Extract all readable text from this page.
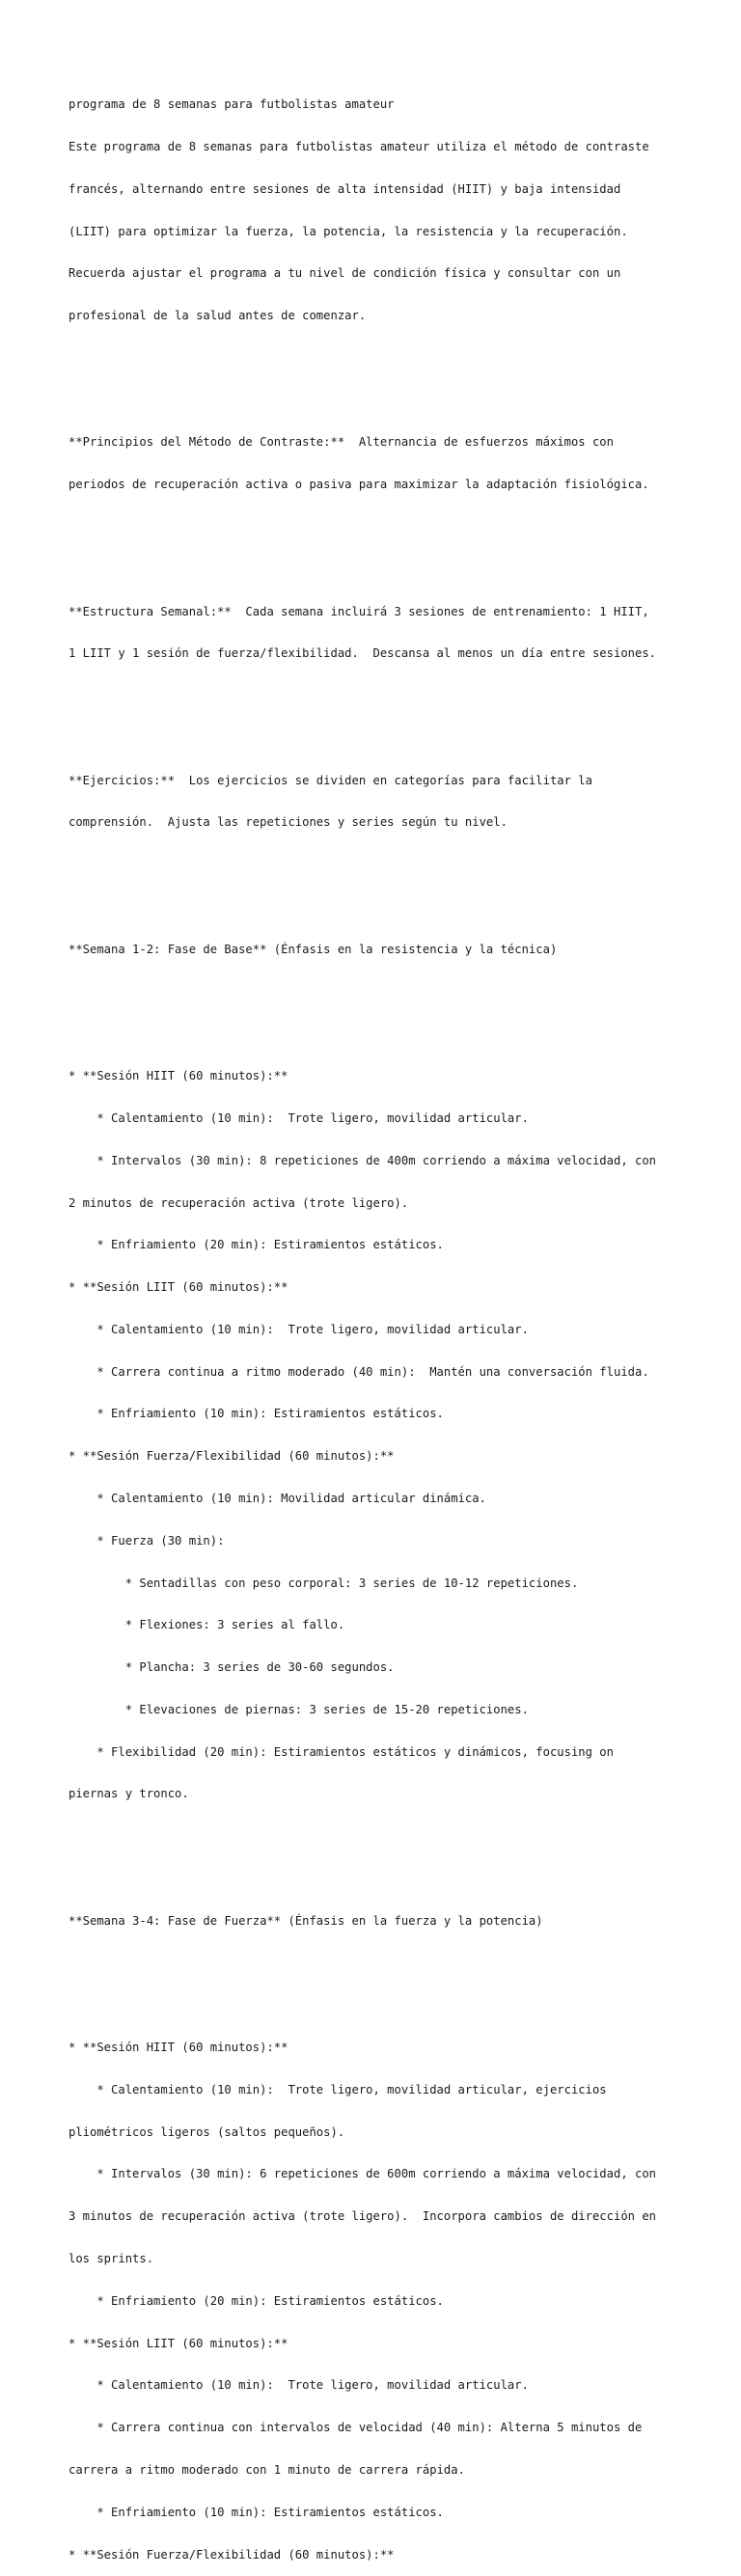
programa de 8 semanas para futbolistas amateur

Este programa de 8 semanas para futbolistas amateur utiliza el método de contraste

francés, alternando entre sesiones de alta intensidad (HIIT) y baja intensidad

(LIIT) para optimizar la fuerza, la potencia, la resistencia y la recuperación.

Recuerda ajustar el programa a tu nivel de condición física y consultar con un

profesional de la salud antes de comenzar.

**Principios del Método de Contraste:**  Alternancia de esfuerzos máximos con

periodos de recuperación activa o pasiva para maximizar la adaptación fisiológica.

**Estructura Semanal:**  Cada semana incluirá 3 sesiones de entrenamiento: 1 HIIT,

1 LIIT y 1 sesión de fuerza/flexibilidad.  Descansa al menos un día entre sesiones.

**Ejercicios:**  Los ejercicios se dividen en categorías para facilitar la

comprensión.  Ajusta las repeticiones y series según tu nivel.

**Semana 1-2: Fase de Base** (Énfasis en la resistencia y la técnica)

* **Sesión HIIT (60 minutos):**

* Calentamiento (10 min):  Trote ligero, movilidad articular.

* Intervalos (30 min): 8 repeticiones de 400m corriendo a máxima velocidad, con

2 minutos de recuperación activa (trote ligero).

* Enfriamiento (20 min): Estiramientos estáticos.

* **Sesión LIIT (60 minutos):**

* Calentamiento (10 min):  Trote ligero, movilidad articular.

* Carrera continua a ritmo moderado (40 min):  Mantén una conversación fluida.

* Enfriamiento (10 min): Estiramientos estáticos.

* **Sesión Fuerza/Flexibilidad (60 minutos):**

* Calentamiento (10 min): Movilidad articular dinámica.

* Fuerza (30 min):

* Sentadillas con peso corporal: 3 series de 10-12 repeticiones.

* Flexiones: 3 series al fallo.

* Plancha: 3 series de 30-60 segundos.

* Elevaciones de piernas: 3 series de 15-20 repeticiones.

* Flexibilidad (20 min): Estiramientos estáticos y dinámicos, focusing on

piernas y tronco.

**Semana 3-4: Fase de Fuerza** (Énfasis en la fuerza y la potencia)

* **Sesión HIIT (60 minutos):**

* Calentamiento (10 min):  Trote ligero, movilidad articular, ejercicios

pliométricos ligeros (saltos pequeños).

* Intervalos (30 min): 6 repeticiones de 600m corriendo a máxima velocidad, con

3 minutos de recuperación activa (trote ligero).  Incorpora cambios de dirección en

los sprints.

* Enfriamiento (20 min): Estiramientos estáticos.

* **Sesión LIIT (60 minutos):**

* Calentamiento (10 min):  Trote ligero, movilidad articular.

* Carrera continua con intervalos de velocidad (40 min): Alterna 5 minutos de

carrera a ritmo moderado con 1 minuto de carrera rápida.

* Enfriamiento (10 min): Estiramientos estáticos.

* **Sesión Fuerza/Flexibilidad (60 minutos):**
